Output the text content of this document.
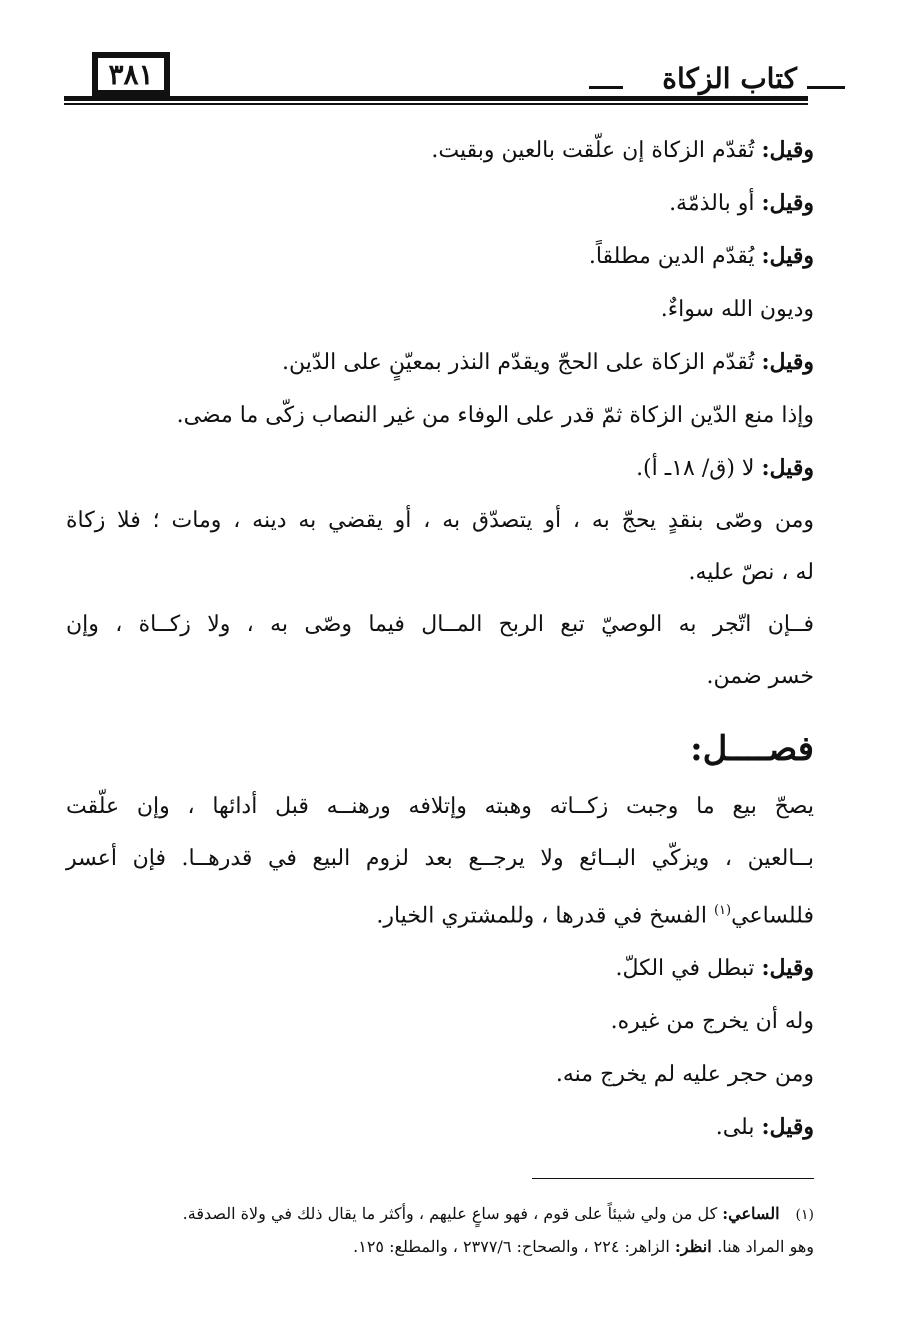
٣٨١	كتاب الزكاة
وقيل: تُقدّم الزكاة إن علّقت بالعين وبقيت.
وقيل: أو بالذمّة.
وقيل: يُقدّم الدين مطلقاً.
وديون الله سواءٌ.
وقيل: تُقدّم الزكاة على الحجّ ويقدّم النذر بمعيّنٍ على الدّين.
وإذا منع الدّين الزكاة ثمّ قدر على الوفاء من غير النصاب زكّى ما مضى.
وقيل: لا (ق/ ١٨ـ أ).
ومن وصّى بنقدٍ يحجّ به ، أو يتصدّق به ، أو يقضي به دينه ، ومات ؛ فلا زكاة
له ، نصّ عليه.
فــإن اتّجر به الوصيّ تبع الربح المــال فيما وصّى به ، ولا زكــاة ، وإن
خسر ضمن.
فصــــل:
يصحّ بيع ما وجبت زكــاته وهبته وإتلافه ورهنــه قبل أدائها ، وإن علّقت
بــالعين ، ويزكّي البــائع ولا يرجــع بعد لزوم البيع في قدرهــا. فإن أعسر
فللساعي$^{(١)}$ الفسخ في قدرها ، وللمشتري الخيار.
وقيل: تبطل في الكلّ.
وله أن يخرج من غيره.
ومن حجر عليه لم يخرج منه.
وقيل: بلى.
(١)الساعي: كل من ولي شيئاً على قوم ، فهو ساعٍ عليهم ، وأكثر ما يقال ذلك في ولاة الصدقة.
وهو المراد هنا. انظر: الزاهر: ٢٢٤ ، والصحاح: ٢٣٧٧/٦ ، والمطلع: ١٢٥.
